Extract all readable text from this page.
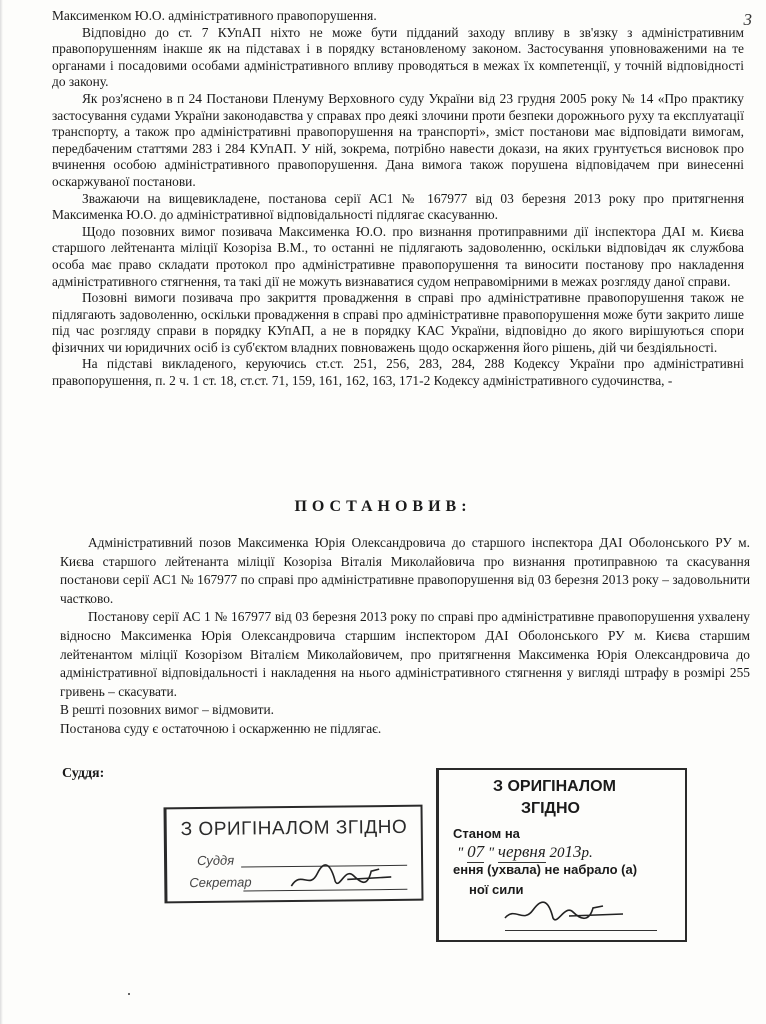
3

Максименком Ю.О. адміністративного правопорушення.

Відповідно до ст. 7 КУпАП ніхто не може бути підданий заходу впливу в зв'язку з адміністративним правопорушенням інакше як на підставах і в порядку встановленому законом. Застосування уповноваженими на те органами і посадовими особами адміністративного впливу проводяться в межах їх компетенції, у точній відповідності до закону.

Як роз'яснено в п 24 Постанови Пленуму Верховного суду України від 23 грудня 2005 року № 14 «Про практику застосування судами України законодавства у справах про деякі злочини проти безпеки дорожнього руху та експлуатації транспорту, а також про адміністративні правопорушення на транспорті», зміст постанови має відповідати вимогам, передбаченим статтями 283 і 284 КУпАП. У ній, зокрема, потрібно навести докази, на яких грунтується висновок про вчинення особою адміністративного правопорушення. Дана вимога також порушена відповідачем при винесенні оскаржуваної постанови.

Зважаючи на вищевикладене, постанова серії АС1 № 167977 від 03 березня 2013 року про притягнення Максименка Ю.О. до адміністративної відповідальності підлягає скасуванню.

Щодо позовних вимог позивача Максименка Ю.О. про визнання протиправними дії інспектора ДАІ м. Києва старшого лейтенанта міліції Козоріза В.М., то останні не підлягають задоволенню, оскільки відповідач як службова особа має право складати протокол про адміністративне правопорушення та виносити постанову про накладення адміністративного стягнення, та такі дії не можуть визнаватися судом неправомірними в межах розгляду даної справи.

Позовні вимоги позивача про закриття провадження в справі про адміністративне правопорушення також не підлягають задоволенню, оскільки провадження в справі про адміністративне правопорушення може бути закрито лише під час розгляду справи в порядку КУпАП, а не в порядку КАС України, відповідно до якого вирішуються спори фізичних чи юридичних осіб із суб'єктом владних повноважень щодо оскарження його рішень, дій чи бездіяльності.

На підставі викладеного, керуючись ст.ст. 251, 256, 283, 284, 288 Кодексу України про адміністративні правопорушення, п. 2 ч. 1 ст. 18, ст.ст. 71, 159, 161, 162, 163, 171-2 Кодексу адміністративного судочинства, -

ПОСТАНОВИВ:

Адміністративний позов Максименка Юрія Олександровича до старшого інспектора ДАІ Оболонського РУ м. Києва старшого лейтенанта міліції Козоріза Віталія Миколайовича про визнання протиправною та скасування постанови серії АС1 № 167977 по справі про адміністративне правопорушення від 03 березня 2013 року – задовольнити частково.

Постанову серії АС 1 № 167977 від 03 березня 2013 року по справі про адміністративне правопорушення ухвалену відносно Максименка Юрія Олександровича старшим інспектором ДАІ Оболонського РУ м. Києва старшим лейтенантом міліції Козорізом Віталієм Миколайовичем, про притягнення Максименка Юрія Олександровича до адміністративної відповідальності і накладення на нього адміністративного стягнення у вигляді штрафу в розмірі 255 гривень – скасувати.

В решті позовних вимог – відмовити.

Постанова суду є остаточною і оскарженню не підлягає.

Суддя:
З ОРИГІНАЛОМ ЗГІДНО
Суддя
Секретар
З ОРИГІНАЛОМ
ЗГІДНО
Станом на
" 07 " червня 2013р.
ення (ухвала) не набрало (а)
ної сили
